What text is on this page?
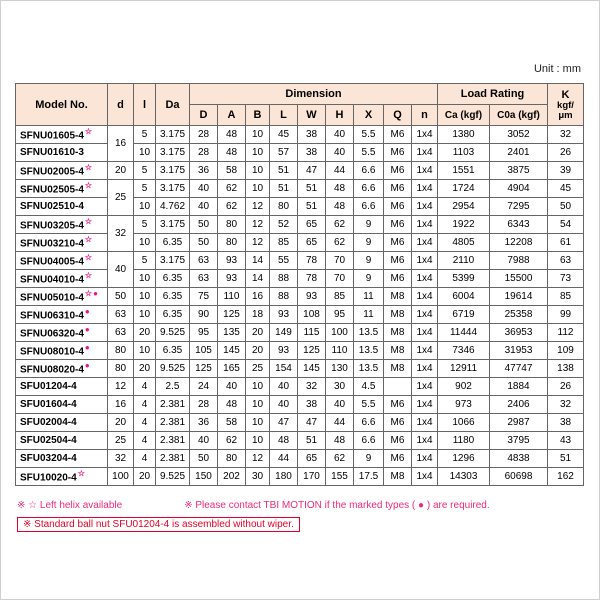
Unit : mm
Model No.	d	l	Da	Dimension									Load Rating		K
kgf/
μm

				D	A	B	L	W	H	X	Q	n	Ca (kgf)	C0a (kgf)	
SFNU01605-4☆	16	5	3.175	28	48	10	45	38	40	5.5	M6	1x4	1380	3052	32
SFNU01610-3		10	3.175	28	48	10	57	38	40	5.5	M6	1x4	1103	2401	26
SFNU02005-4☆	20	5	3.175	36	58	10	51	47	44	6.6	M6	1x4	1551	3875	39
SFNU02505-4☆	25	5	3.175	40	62	10	51	51	48	6.6	M6	1x4	1724	4904	45
SFNU02510-4		10	4.762	40	62	12	80	51	48	6.6	M6	1x4	2954	7295	50
SFNU03205-4☆	32	5	3.175	50	80	12	52	65	62	9	M6	1x4	1922	6343	54
SFNU03210-4☆		10	6.35	50	80	12	85	65	62	9	M6	1x4	4805	12208	61
SFNU04005-4☆	40	5	3.175	63	93	14	55	78	70	9	M6	1x4	2110	7988	63
SFNU04010-4☆		10	6.35	63	93	14	88	78	70	9	M6	1x4	5399	15500	73
SFNU05010-4☆●	50	10	6.35	75	110	16	88	93	85	11	M8	1x4	6004	19614	85
SFNU06310-4●	63	10	6.35	90	125	18	93	108	95	11	M8	1x4	6719	25358	99
SFNU06320-4●	63	20	9.525	95	135	20	149	115	100	13.5	M8	1x4	11444	36953	112
SFNU08010-4●	80	10	6.35	105	145	20	93	125	110	13.5	M8	1x4	7346	31953	109
SFNU08020-4●	80	20	9.525	125	165	25	154	145	130	13.5	M8	1x4	12911	47747	138
SFU01204-4	12	4	2.5	24	40	10	40	32	30	4.5		1x4	902	1884	26
SFU01604-4	16	4	2.381	28	48	10	40	38	40	5.5	M6	1x4	973	2406	32
SFU02004-4	20	4	2.381	36	58	10	47	47	44	6.6	M6	1x4	1066	2987	38
SFU02504-4	25	4	2.381	40	62	10	48	51	48	6.6	M6	1x4	1180	3795	43
SFU03204-4	32	4	2.381	50	80	12	44	65	62	9	M6	1x4	1296	4838	51
SFU10020-4☆	100	20	9.525	150	202	30	180	170	155	17.5	M8	1x4	14303	60698	162
※ ☆ Left helix available	※ Please contact TBI MOTION if the marked types ( ● ) are required.
※ Standard ball nut SFU01204-4 is assembled without wiper.
